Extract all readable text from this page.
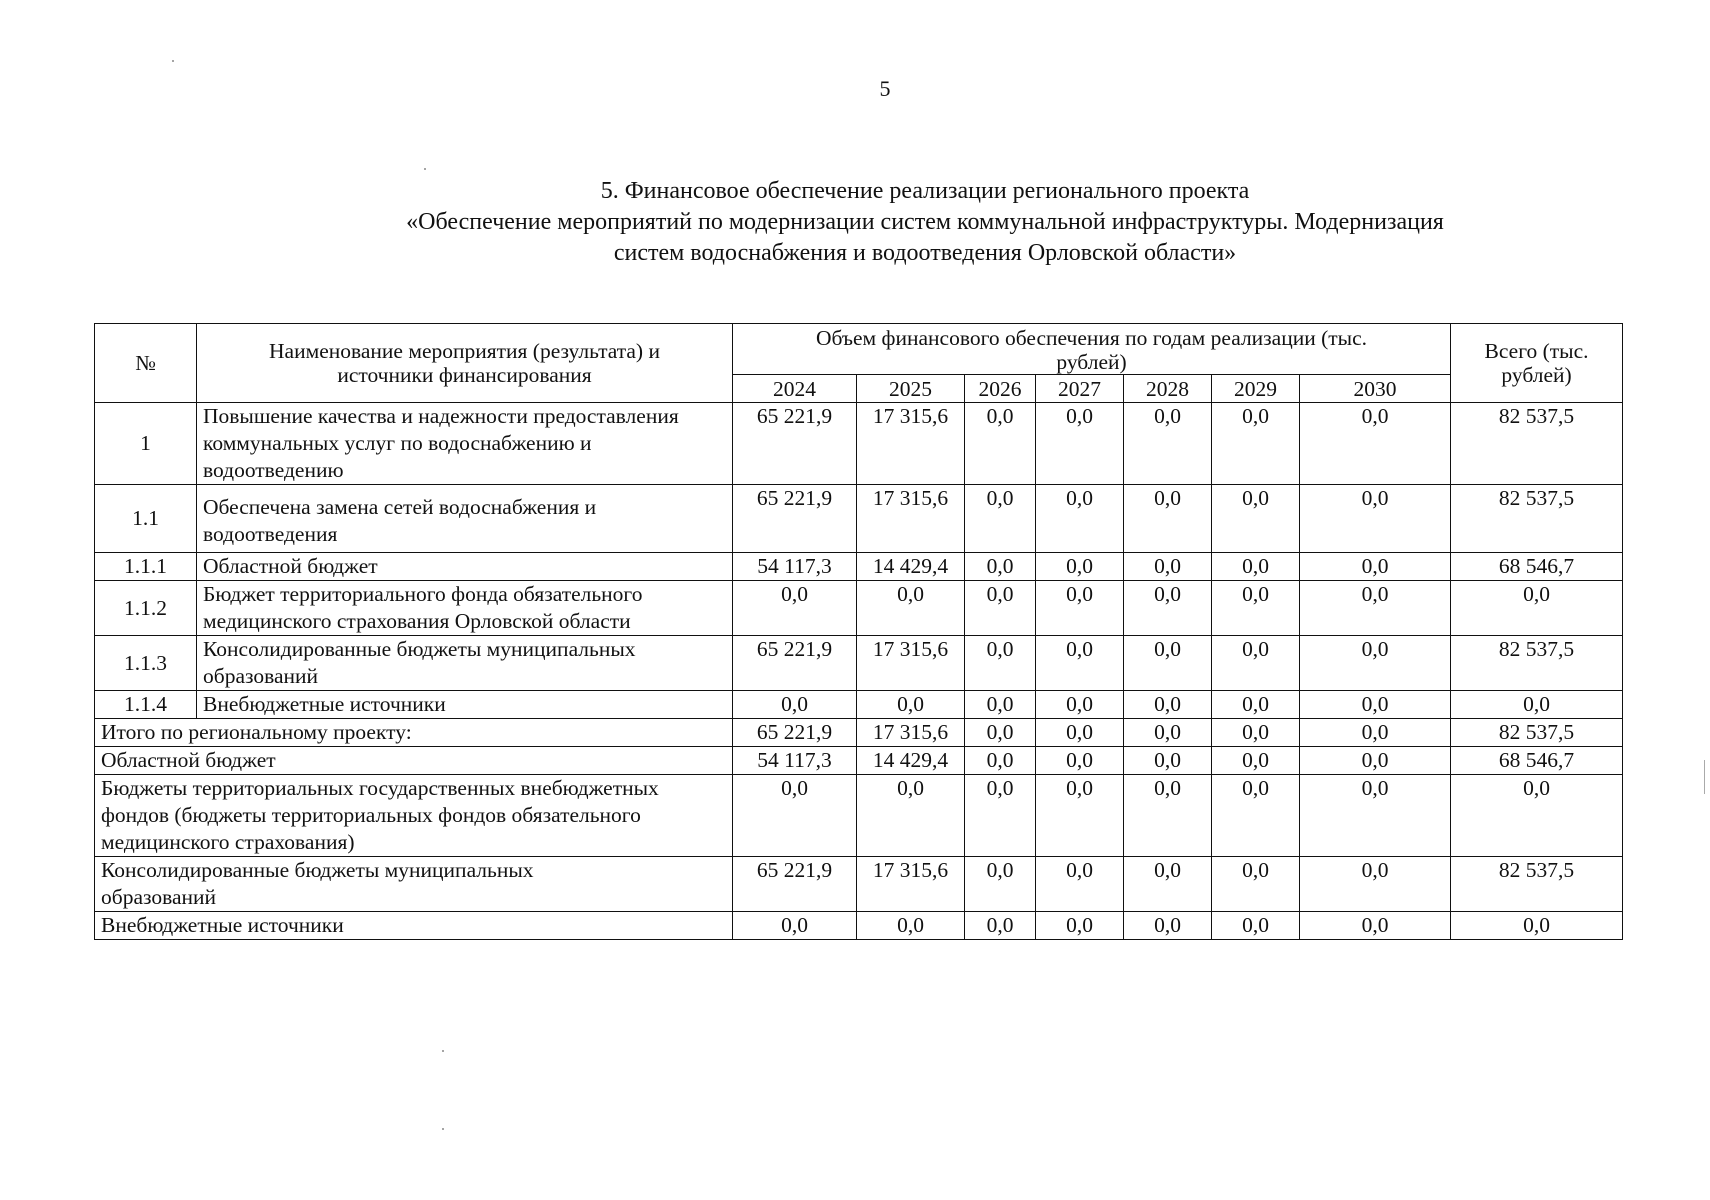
5
5. Финансовое обеспечение реализации регионального проекта
«Обеспечение мероприятий по модернизации систем коммунальной инфраструктуры. Модернизация
систем водоснабжения и водоотведения Орловской области»
№	Наименование мероприятия (результата) и источники финансирования	Объем финансового обеспечения по годам реализации (тыс. рублей)							Всего (тыс. рублей)
		2024	2025	2026	2027	2028	2029	2030	
1	Повышение качества и надежности предоставления коммунальных услуг по водоснабжению и водоотведению	65 221,9	17 315,6	0,0	0,0	0,0	0,0	0,0	82 537,5
1.1	Обеспечена замена сетей водоснабжения и водоотведения	65 221,9	17 315,6	0,0	0,0	0,0	0,0	0,0	82 537,5
1.1.1	Областной бюджет	54 117,3	14 429,4	0,0	0,0	0,0	0,0	0,0	68 546,7
1.1.2	Бюджет территориального фонда обязательного медицинского страхования Орловской области	0,0	0,0	0,0	0,0	0,0	0,0	0,0	0,0
1.1.3	Консолидированные бюджеты муниципальных образований	65 221,9	17 315,6	0,0	0,0	0,0	0,0	0,0	82 537,5
1.1.4	Внебюджетные источники	0,0	0,0	0,0	0,0	0,0	0,0	0,0	0,0
Итого по региональному проекту:		65 221,9	17 315,6	0,0	0,0	0,0	0,0	0,0	82 537,5
Областной бюджет		54 117,3	14 429,4	0,0	0,0	0,0	0,0	0,0	68 546,7
Бюджеты территориальных государственных внебюджетных фондов (бюджеты территориальных фондов обязательного медицинского страхования)		0,0	0,0	0,0	0,0	0,0	0,0	0,0	0,0
Консолидированные бюджеты муниципальных образований		65 221,9	17 315,6	0,0	0,0	0,0	0,0	0,0	82 537,5
Внебюджетные источники		0,0	0,0	0,0	0,0	0,0	0,0	0,0	0,0
